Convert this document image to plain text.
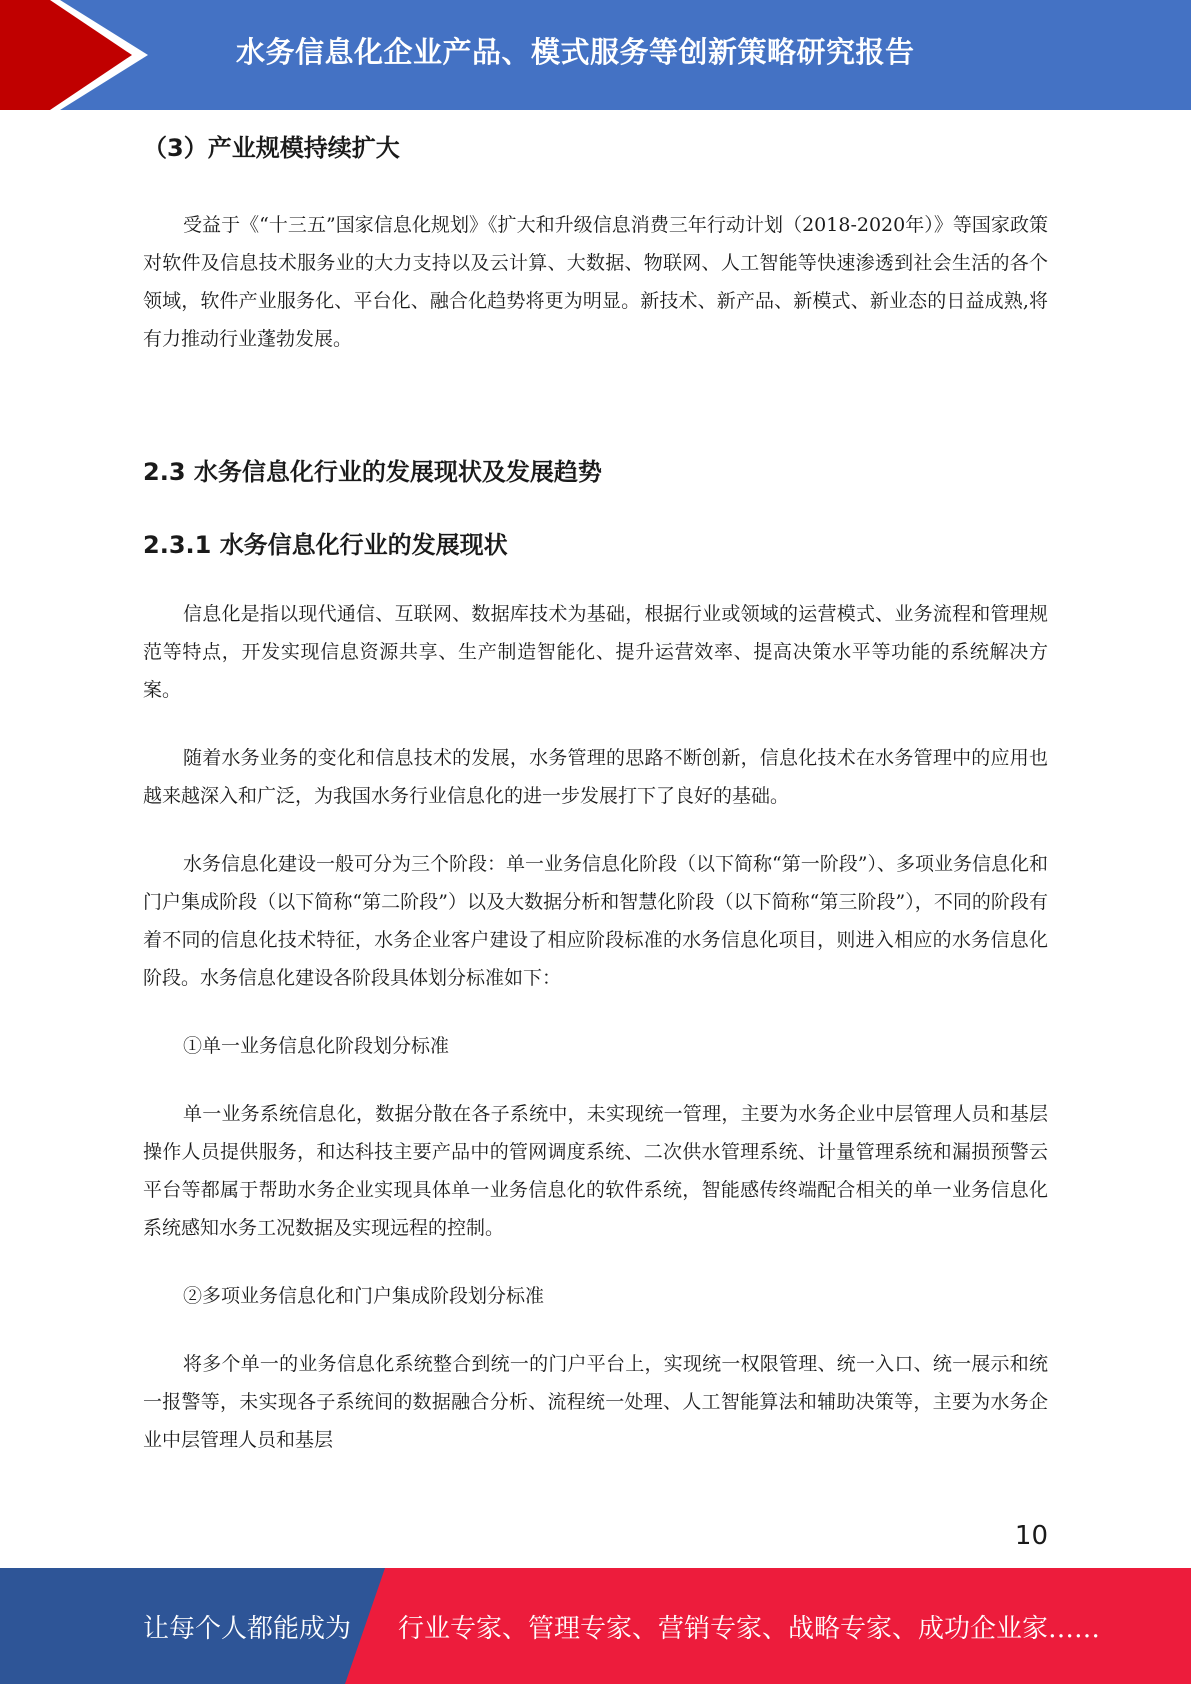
水务信息化企业产品、模式服务等创新策略研究报告
（3）产业规模持续扩大

受益于《“十三五”国家信息化规划》《扩大和升级信息消费三年行动计划（2018-2020年）》等国家政策对软件及信息技术服务业的大力支持以及云计算、大数据、物联网、人工智能等快速渗透到社会生活的各个领域，软件产业服务化、平台化、融合化趋势将更为明显。新技术、新产品、新模式、新业态的日益成熟,将有力推动行业蓬勃发展。

2.3 水务信息化行业的发展现状及发展趋势
2.3.1 水务信息化行业的发展现状

信息化是指以现代通信、互联网、数据库技术为基础，根据行业或领域的运营模式、业务流程和管理规范等特点，开发实现信息资源共享、生产制造智能化、提升运营效率、提高决策水平等功能的系统解决方案。

随着水务业务的变化和信息技术的发展，水务管理的思路不断创新，信息化技术在水务管理中的应用也越来越深入和广泛，为我国水务行业信息化的进一步发展打下了良好的基础。

水务信息化建设一般可分为三个阶段：单一业务信息化阶段（以下简称“第一阶段”）、多项业务信息化和门户集成阶段（以下简称“第二阶段”）以及大数据分析和智慧化阶段（以下简称“第三阶段”），不同的阶段有着不同的信息化技术特征，水务企业客户建设了相应阶段标准的水务信息化项目，则进入相应的水务信息化阶段。水务信息化建设各阶段具体划分标准如下：

①单一业务信息化阶段划分标准

单一业务系统信息化，数据分散在各子系统中，未实现统一管理，主要为水务企业中层管理人员和基层操作人员提供服务，和达科技主要产品中的管网调度系统、二次供水管理系统、计量管理系统和漏损预警云平台等都属于帮助水务企业实现具体单一业务信息化的软件系统，智能感传终端配合相关的单一业务信息化系统感知水务工况数据及实现远程的控制。

②多项业务信息化和门户集成阶段划分标准

将多个单一的业务信息化系统整合到统一的门户平台上，实现统一权限管理、统一入口、统一展示和统一报警等，未实现各子系统间的数据融合分析、流程统一处理、人工智能算法和辅助决策等，主要为水务企业中层管理人员和基层

10
让每个人都能成为 行业专家、管理专家、营销专家、战略专家、成功企业家……
